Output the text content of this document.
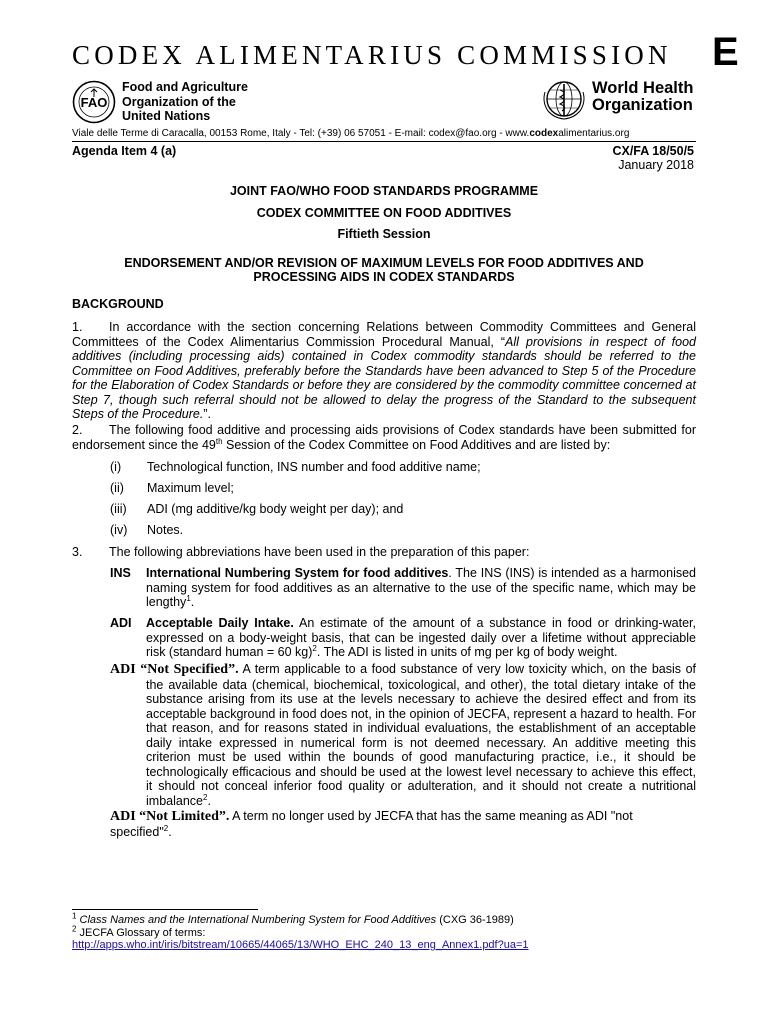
CODEX ALIMENTARIUS COMMISSION	E
FAO
Food and Agriculture
Organization of the
United Nations
World Health
Organization
Viale delle Terme di Caracalla, 00153 Rome, Italy - Tel: (+39) 06 57051 - E-mail: codex@fao.org - www.codexalimentarius.org
Agenda Item 4 (a)	CX/FA 18/50/5
January 2018
JOINT FAO/WHO FOOD STANDARDS PROGRAMME
CODEX COMMITTEE ON FOOD ADDITIVES
Fiftieth Session
ENDORSEMENT AND/OR REVISION OF MAXIMUM LEVELS FOR FOOD ADDITIVES AND
PROCESSING AIDS IN CODEX STANDARDS
BACKGROUND
1. In accordance with the section concerning Relations between Commodity Committees and General Committees of the Codex Alimentarius Commission Procedural Manual, “All provisions in respect of food additives (including processing aids) contained in Codex commodity standards should be referred to the Committee on Food Additives, preferably before the Standards have been advanced to Step 5 of the Procedure for the Elaboration of Codex Standards or before they are considered by the commodity committee concerned at Step 7, though such referral should not be allowed to delay the progress of the Standard to the subsequent Steps of the Procedure.”.
2. The following food additive and processing aids provisions of Codex standards have been submitted for endorsement since the 49th Session of the Codex Committee on Food Additives and are listed by:
(i) Technological function, INS number and food additive name;
(ii) Maximum level;
(iii) ADI (mg additive/kg body weight per day); and
(iv) Notes.
3. The following abbreviations have been used in the preparation of this paper:
INS International Numbering System for food additives. The INS (INS) is intended as a harmonised naming system for food additives as an alternative to the use of the specific name, which may be lengthy$^1$.
ADI Acceptable Daily Intake. An estimate of the amount of a substance in food or drinking-water, expressed on a body-weight basis, that can be ingested daily over a lifetime without appreciable risk (standard human = 60 kg)$^2$. The ADI is listed in units of mg per kg of body weight.
ADI “Not Specified”. A term applicable to a food substance of very low toxicity which, on the basis of the available data (chemical, biochemical, toxicological, and other), the total dietary intake of the substance arising from its use at the levels necessary to achieve the desired effect and from its acceptable background in food does not, in the opinion of JECFA, represent a hazard to health. For that reason, and for reasons stated in individual evaluations, the establishment of an acceptable daily intake expressed in numerical form is not deemed necessary. An additive meeting this criterion must be used within the bounds of good manufacturing practice, i.e., it should be technologically efficacious and should be used at the lowest level necessary to achieve this effect, it should not conceal inferior food quality or adulteration, and it should not create a nutritional imbalance$^2$.
ADI “Not Limited”. A term no longer used by JECFA that has the same meaning as ADI "not specified"$^2$.
$^1$ Class Names and the International Numbering System for Food Additives (CXG 36-1989)
$^2$ JECFA Glossary of terms:
http://apps.who.int/iris/bitstream/10665/44065/13/WHO_EHC_240_13_eng_Annex1.pdf?ua=1
